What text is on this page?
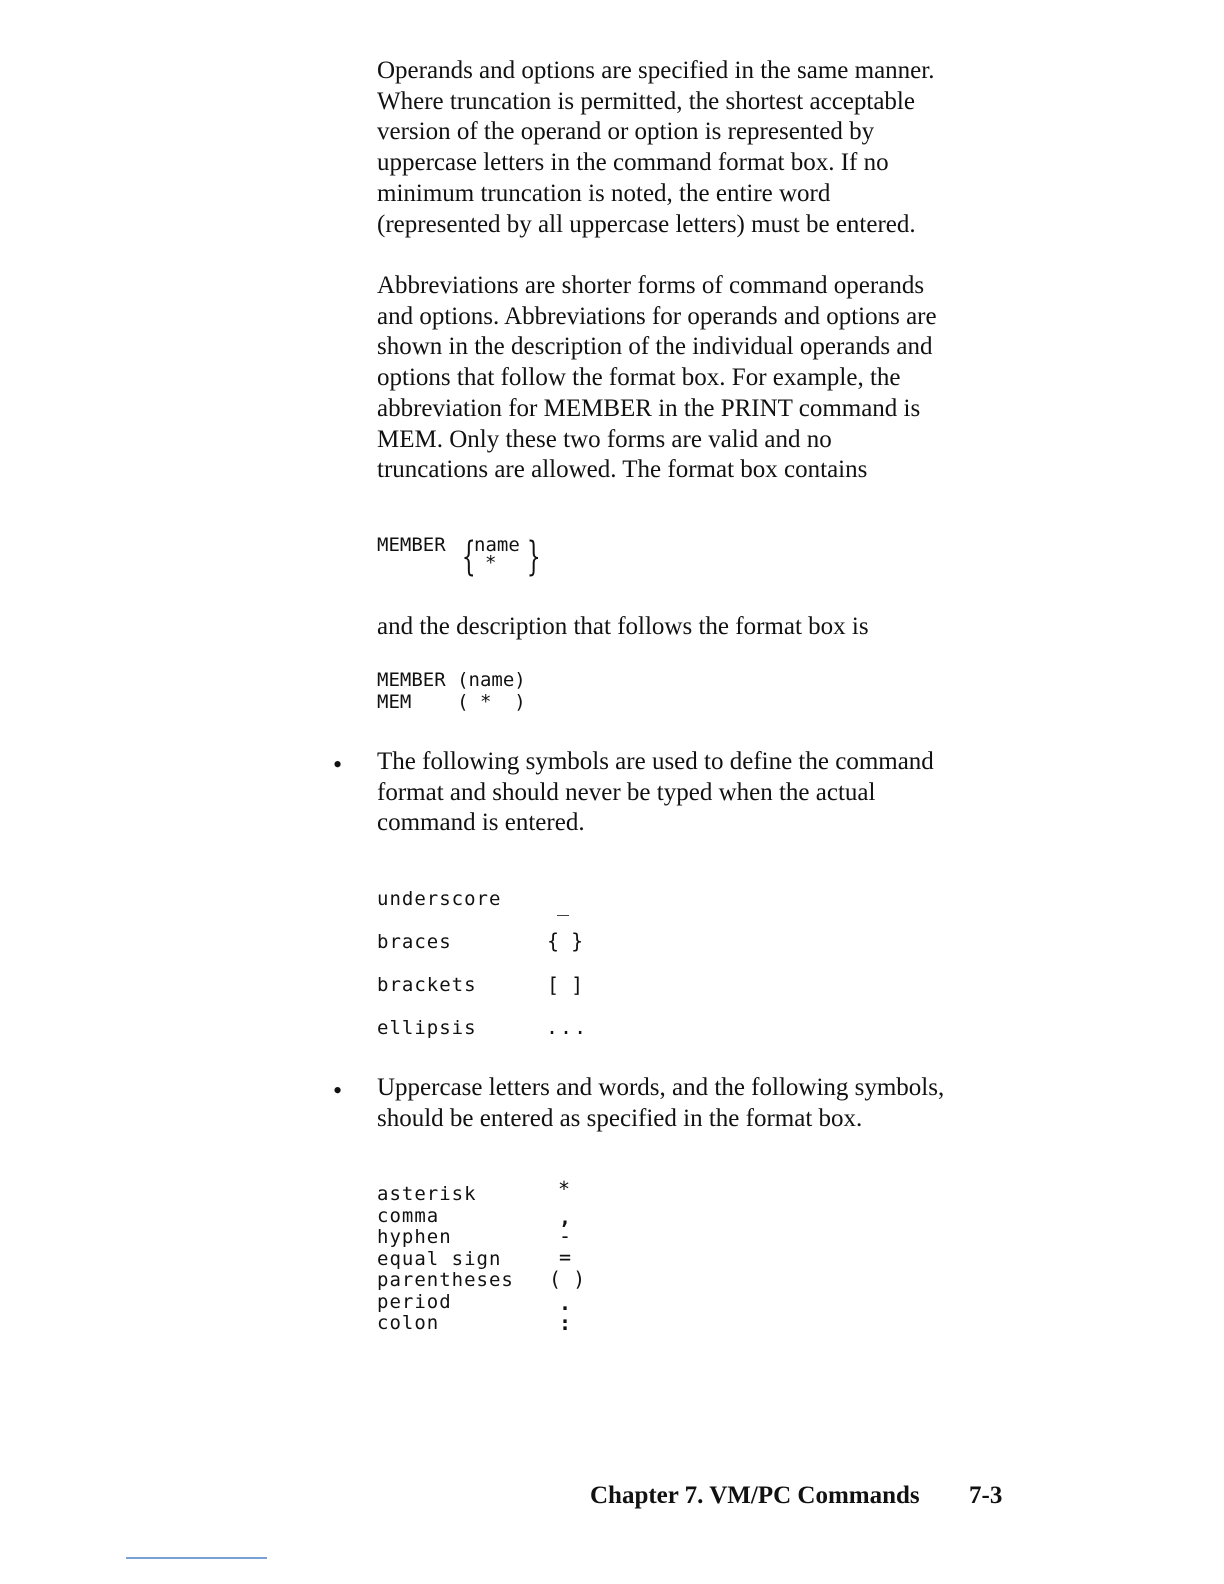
Operands and options are specified in the same manner.
Where truncation is permitted, the shortest acceptable
version of the operand or option is represented by
uppercase letters in the command format box. If no
minimum truncation is noted, the entire word
(represented by all uppercase letters) must be entered.
Abbreviations are shorter forms of command operands
and options. Abbreviations for operands and options are
shown in the description of the individual operands and
options that follow the format box. For example, the
abbreviation for MEMBER in the PRINT command is
MEM. Only these two forms are valid and no
truncations are allowed. The format box contains
MEMBER {
name
* }
and the description that follows the format box is
MEMBER (name)
MEM    ( *  )
• The following symbols are used to define the command
format and should never be typed when the actual
command is entered.
underscore	_
braces	{ }
brackets	[ ]
ellipsis	...
• Uppercase letters and words, and the following symbols,
should be entered as specified in the format box.
asterisk	*
comma	,
hyphen	-
equal sign	=
parentheses ( )
period	.
colon	:
Chapter 7. VM/PC Commands 7-3
